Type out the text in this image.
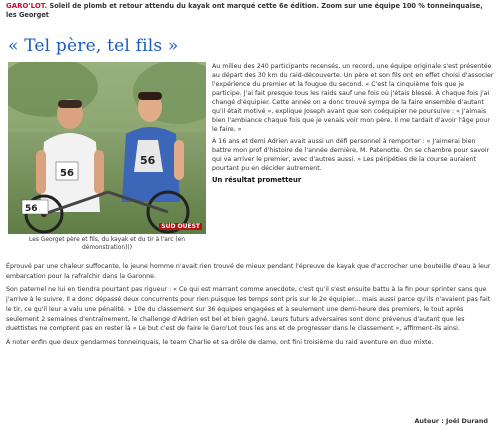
GARO'LOT. Soleil de plomb et retour attendu du kayak ont marqué cette 6e édition. Zoom sur une équipe 100 % tonneinquaise, les Georget
« Tel père, tel fils »
56
56
56
SUD OUEST
Les Georget père et fils, du kayak et du tir à l'arc (en démonstration)()

Au milieu des 240 participants recensés, un record, une équipe originale s'est présentée au départ des 30 km du raid-découverte. Un père et son fils ont en effet choisi d'associer l'expérience du premier et la fougue du second. « C'est la cinquième fois que je participe. J'ai fait presque tous les raids sauf une fois où j'étais blessé. À chaque fois j'ai changé d'équipier. Cette année on a donc trouvé sympa de la faire ensemble d'autant qu'il était motivé », explique Joseph avant que son coéquipier ne poursuive : « J'aimais bien l'ambiance chaque fois que je venais voir mon père. Il me tardait d'avoir l'âge pour le faire. »

À 16 ans et demi Adrien avait aussi un défi personnel à remporter : « J'aimerai bien battre mon prof d'histoire de l'année dernière, M. Patenotte. On se chambre pour savoir qui va arriver le premier, avec d'autres aussi. » Les péripéties de la course auraient pourtant pu en décider autrement.

Un résultat prometteur

Éprouvé par une chaleur suffocante, le jeune homme n'avait rien trouvé de mieux pendant l'épreuve de kayak que d'accrocher une bouteille d'eau à leur embarcation pour la rafraîchir dans la Garonne.

Son paternel ne lui en tiendra pourtant pas rigueur : « Ce qui est marrant comme anecdote, c'est qu'il s'est ensuite battu à la fin pour sprinter sans que j'arrive à le suivre. Il a donc dépassé deux concurrents pour rien puisque les temps sont pris sur le 2e équipier... mais aussi parce qu'ils n'avaient pas fait le tir, ce qu'il leur a valu une pénalité. » 10e du classement sur 36 équipes engagées et à seulement une demi-heure des premiers, le tout après seulement 2 semaines d'entraînement, le challenge d'Adrien est bel et bien gagné. Leurs futurs adversaires sont donc prévenus d'autant que les duettistes ne comptent pas en rester là « Le but c'est de faire le Garo'Lot tous les ans et de progresser dans le classement », affirment-ils ainsi.

À noter enfin que deux gendarmes tonneinquais, le team Charlie et sa drôle de dame, ont fini troisième du raid aventure en duo mixte.

Auteur : Joël Durand
